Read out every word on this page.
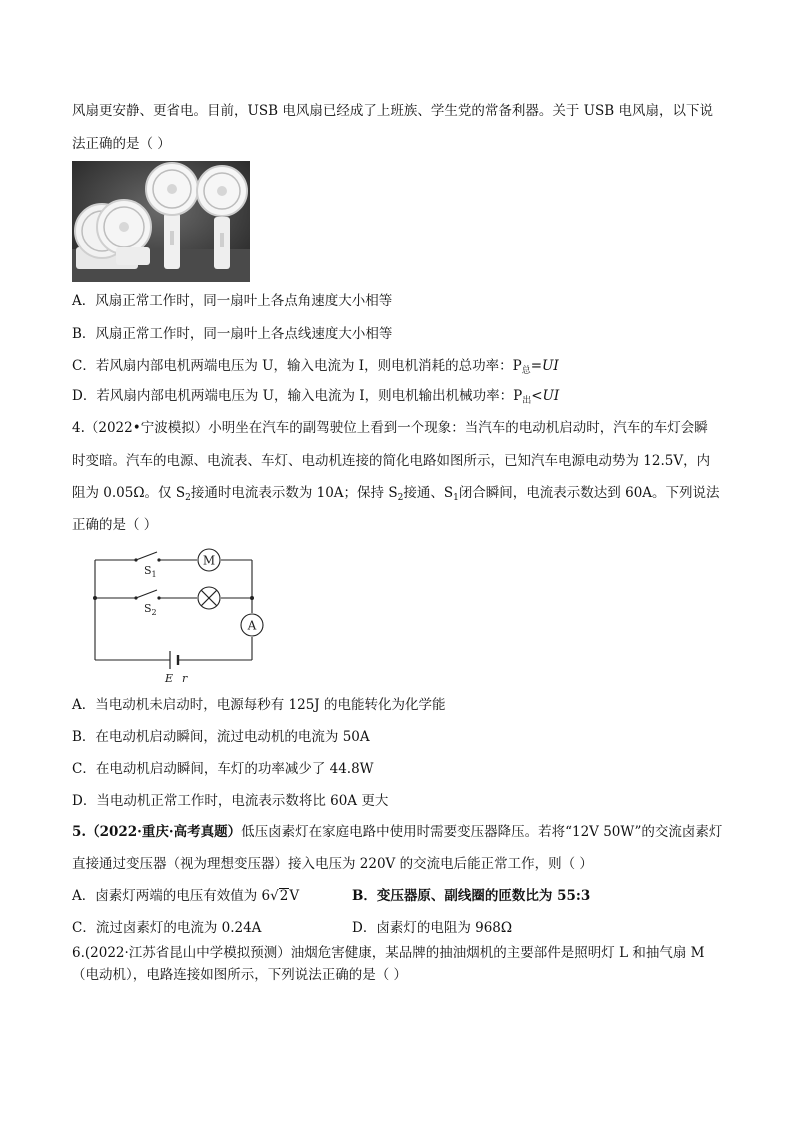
风扇更安静、更省电。目前，USB 电风扇已经成了上班族、学生党的常备利器。关于 USB 电风扇，以下说
法正确的是（ ）
A．风扇正常工作时，同一扇叶上各点角速度大小相等
B．风扇正常工作时，同一扇叶上各点线速度大小相等
C．若风扇内部电机两端电压为 U，输入电流为 I，则电机消耗的总功率：$P_总=UI$
D．若风扇内部电机两端电压为 U，输入电流为 I，则电机输出机械功率：$P_出<UI$
4.（2022•宁波模拟）小明坐在汽车的副驾驶位上看到一个现象：当汽车的电动机启动时，汽车的车灯会瞬
时变暗。汽车的电源、电流表、车灯、电动机连接的简化电路如图所示，已知汽车电源电动势为 12.5V，内
阻为 0.05Ω。仅 $S_2$接通时电流表示数为 10A；保持 $S_2$接通、$S_1$闭合瞬间，电流表示数达到 60A。下列说法
正确的是（ ）
M
A
$S_1$
$S_2$
E r
A．当电动机未启动时，电源每秒有 125J 的电能转化为化学能
B．在电动机启动瞬间，流过电动机的电流为 50A
C．在电动机启动瞬间，车灯的功率减少了 44.8W
D．当电动机正常工作时，电流表示数将比 60A 更大
5.（2022·重庆·高考真题）低压卤素灯在家庭电路中使用时需要变压器降压。若将“12V 50W”的交流卤素灯
直接通过变压器（视为理想变压器）接入电压为 220V 的交流电后能正常工作，则（ ）
A．卤素灯两端的电压有效值为 6√2V	B．变压器原、副线圈的匝数比为 55:3
C．流过卤素灯的电流为 0.24A	D．卤素灯的电阻为 968Ω
6.(2022·江苏省昆山中学模拟预测）油烟危害健康，某品牌的抽油烟机的主要部件是照明灯 L 和抽气扇 M
（电动机），电路连接如图所示，下列说法正确的是（ ）
